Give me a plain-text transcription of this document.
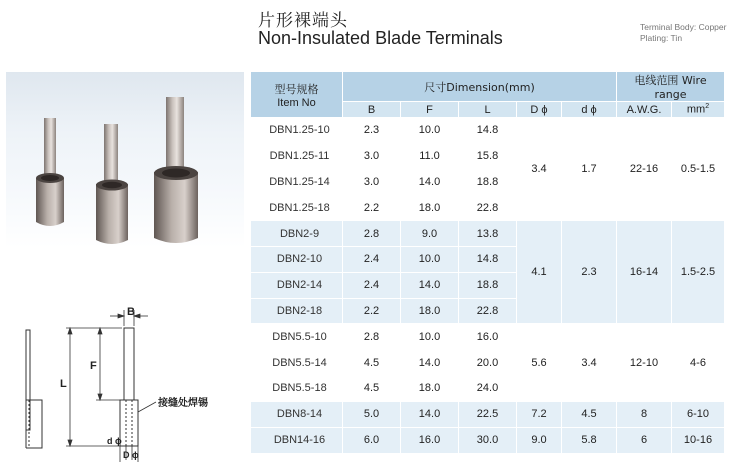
片形裸端头
Non-Insulated Blade Terminals
Terminal Body: Copper
Plating: Tin
B
L
F
接缝处焊锡
d ϕ
D ϕ
型号规格
Item No	尺寸Dimension(mm)					电线范围 Wire range	
	B	F	L	D ϕ	d ϕ	A.W.G.	$mm^2$
DBN1.25-10	2.3	10.0	14.8	3.4	1.7	22-16	0.5-1.5
DBN1.25-11	3.0	11.0	15.8				
DBN1.25-14	3.0	14.0	18.8				
DBN1.25-18	2.2	18.0	22.8				
DBN2-9	2.8	9.0	13.8	4.1	2.3	16-14	1.5-2.5
DBN2-10	2.4	10.0	14.8				
DBN2-14	2.4	14.0	18.8				
DBN2-18	2.2	18.0	22.8				
DBN5.5-10	2.8	10.0	16.0	5.6	3.4	12-10	4-6
DBN5.5-14	4.5	14.0	20.0				
DBN5.5-18	4.5	18.0	24.0				
DBN8-14	5.0	14.0	22.5	7.2	4.5	8	6-10
DBN14-16	6.0	16.0	30.0	9.0	5.8	6	10-16
